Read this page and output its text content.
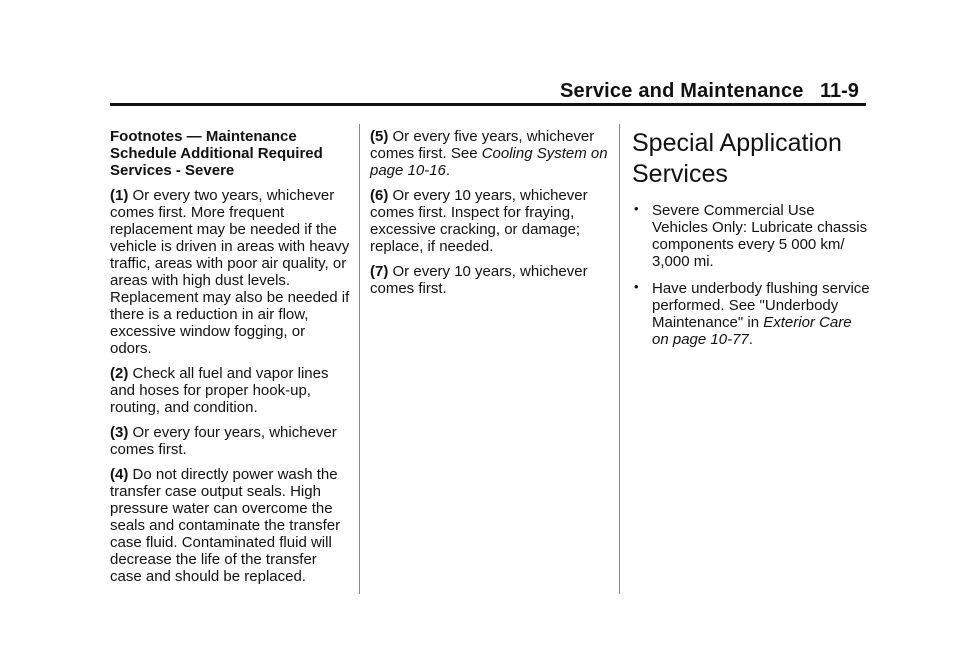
Service and Maintenance 11-9

Footnotes — Maintenance Schedule Additional Required Services - Severe

(1) Or every two years, whichever comes first. More frequent replacement may be needed if the vehicle is driven in areas with heavy traffic, areas with poor air quality, or areas with high dust levels. Replacement may also be needed if there is a reduction in air flow, excessive window fogging, or odors.

(2) Check all fuel and vapor lines and hoses for proper hook-up, routing, and condition.

(3) Or every four years, whichever comes first.

(4) Do not directly power wash the transfer case output seals. High pressure water can overcome the seals and contaminate the transfer case fluid. Contaminated fluid will decrease the life of the transfer case and should be replaced.

(5) Or every five years, whichever comes first. See Cooling System on page 10-16.

(6) Or every 10 years, whichever comes first. Inspect for fraying, excessive cracking, or damage; replace, if needed.

(7) Or every 10 years, whichever comes first.

Special Application Services
• Severe Commercial Use Vehicles Only: Lubricate chassis components every 5 000 km/ 3,000 mi.
• Have underbody flushing service performed. See "Underbody Maintenance" in Exterior Care on page 10-77.
